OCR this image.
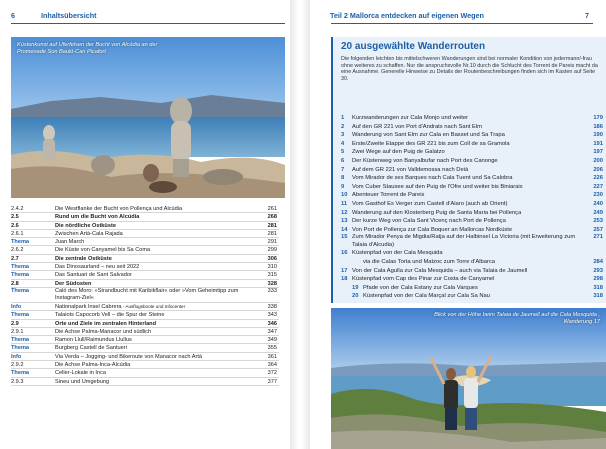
6	Inhaltsübersicht
Küstenkunst auf Uferfelsen der Bucht von Alcúdia an der Promenade Son Bauló-Can Picafort
2.4.2	Die Westflanke der Bucht von Pollença und Alcúdia	261
2.5	Rund um die Bucht von Alcúdia	268
2.6	Die nördliche Ostküste	281
2.6.1	Zwischen Artà-Cala Rajada	281
Thema	Juan March	291
2.6.2	Die Küste von Canyamel bis Sa Coma	299
2.7	Die zentrale Ostküste	306
Thema	Das Dinosaurland – neu seit 2022	310
Thema	Das Santuari de Sant Salvador	315
2.8	Der Südosten	328
Thema	Caló des Moro: »Strandbucht mit Karibikflair« oder »Vom Geheimtipp zum Instagram-Ziel«
333
Info	Nationalpark Insel Cabrera - Ausflugsboote und Infocenter	338
Thema	Talaiots Capocorb Vell – die Spur der Steine	343
2.9	Orte und Ziele im zentralen Hinterland	346
2.9.1	Die Achse Palma-Manacor und südlich	347
Thema	Ramon Llull/Raimundus Llullus	349
Thema	Burgberg Castell de Santueri	355
Info	Via Verda – Jogging- und Bikeroute von Manacor nach Artà	361
2.9.2	Die Achse Palma-Inca-Alcúdia	364
Thema	Celler-Lokale in Inca	372
2.9.3	Sineu und Umgebung	377
Teil 2 Mallorca entdecken auf eigenen Wegen	7
20 ausgewählte Wanderrouten
Die folgenden leichten bis mittelschweren Wanderungen sind bei normaler Kondition von jedermann/-frau ohne weiteres zu schaffen. Nur die anspruchsvolle Nr.10 durch die Schlucht des Torrent de Pareis macht da eine Ausnahme. Generelle Hinweise zu Details der Routenbeschreibungen finden sich im Kasten auf Seite 30.
1	Kurzwanderungen zur Cala Monjo und weiter	179
2	Auf den GR 221 von Port d'Andratx nach Sant Elm	186
3	Wanderung von Sant Elm zur Cala en Basset und Sa Trapa	190
4	Erste/Zweite Etappe des GR 221 bis zum Coll de sa Gramola	191
5	Zwei Wege auf den Puig de Galatzo	197
6	Der Küstenweg von Banyalbufar nach Port des Canonge	200
7	Auf dem GR 221 von Valldemossa nach Deià	206
8	Vom Mirador de ses Barques nach Cala Tuent und Sa Calobra	226
9	Vom Cuber Stausee auf den Puig de l'Ofre und weiter bis Biniaraix	227
10 Abenteuer Torrent de Pareis	230
11 Vom Gasthof Es Verger zum Castell d'Alaro (auch ab Orient)	240
12 Wanderung auf den Klosterberg Puig de Santa Maria bei Pollença	249
13 Der kurze Weg von Cala Sant Vicenç nach Port de Pollença	253
14 Von Port de Pollença zur Cala Boquer an Mallorcas Nordküste	257
15 Zum Mirador Penya de Migdia/Ratja auf der Halbinsel La Victoria (mit Erweiterung zum Talaia d'Alcudia)
271
16 Küstenpfad von der Cala Mesquida
via die Calas Torta und Matzoc zum Torre d'Albarca	284
17 Von der Cala Agulla zur Cala Mesquida – auch via Talaia de Jaumell	293
18 Küstenpfad vom Cap des Pinar zur Costa de Canyamel	298
19 Pfade von der Cala Estany zur Cala Varques	318
20 Küstenpfad von der Cala Marçal zur Cala Sa Nau	318
Blick von der Höhe beim Talaia de Jaumell auf die Cala Mesquida , Wanderung 17
